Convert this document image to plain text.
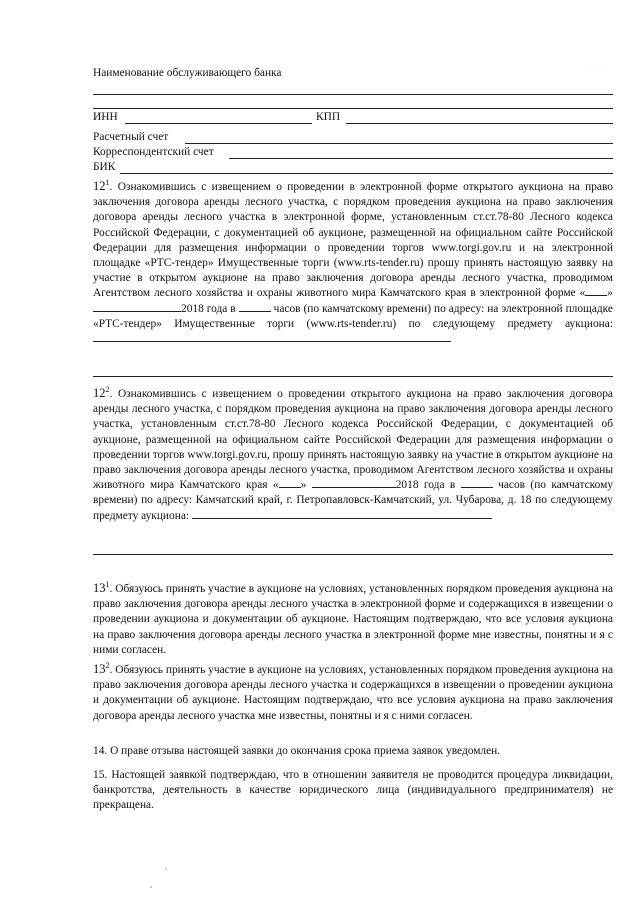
Наименование обслуживающего банка	· · ·
ИНН	КПП
Расчетный счет
Корреспондентский счет
БИК
$12^1$. Ознакомившись с извещением о проведении в электронной форме открытого аукциона на право заключения договора аренды лесного участка, с порядком проведения аукциона на право заключения договора аренды лесного участка в электронной форме, установленным ст.ст.78-80 Лесного кодекса Российской Федерации, с документацией об аукционе, размещенной на официальном сайте Российской Федерации для размещения информации о проведении торгов www.torgi.gov.ru и на электронной площадке «РТС-тендер» Имущественные торги (www.rts-tender.ru) прошу принять настоящую заявку на участие в открытом аукционе на право заключения договора аренды лесного участка, проводимом Агентством лесного хозяйства и охраны животного мира Камчатского края в электронной форме « » 2018 года в	часов (по камчатскому времени) по адресу: на электронной площадке «РТС-тендер» Имущественные торги (www.rts-tender.ru) по следующему предмету аукциона:
$12^2$. Ознакомившись с извещением о проведении открытого аукциона на право заключения договора аренды лесного участка, с порядком проведения аукциона на право заключения договора аренды лесного участка, установленным ст.ст.78-80 Лесного кодекса Российской Федерации, с документацией об аукционе, размещенной на официальном сайте Российской Федерации для размещения информации о проведении торгов www.torgi.gov.ru, прошу принять настоящую заявку на участие в открытом аукционе на право заключения договора аренды лесного участка, проводимом Агентством лесного хозяйства и охраны животного мира Камчатского края « »	2018 года в	часов (по камчатскому времени) по адресу: Камчатский край, г. Петропавловск-Камчатский, ул. Чубарова, д. 18 по следующему предмету аукциона:
$13^1$. Обязуюсь принять участие в аукционе на условиях, установленных порядком проведения аукциона на право заключения договора аренды лесного участка в электронной форме и содержащихся в извещении о проведении аукциона и документации об аукционе. Настоящим подтверждаю, что все условия аукциона на право заключения договора аренды лесного участка в электронной форме мне известны, понятны и я с ними согласен.
$13^2$. Обязуюсь принять участие в аукционе на условиях, установленных порядком проведения аукциона на право заключения договора аренды лесного участка и содержащихся в извещении о проведении аукциона и документации об аукционе. Настоящим подтверждаю, что все условия аукциона на право заключения договора аренды лесного участка мне известны, понятны и я с ними согласен.
14. О праве отзыва настоящей заявки до окончания срока приема заявок уведомлен.
15. Настоящей заявкой подтверждаю, что в отношении заявителя не проводится процедура ликвидации, банкротства, деятельность в качестве юридического лица (индивидуального предпринимателя) не прекращена.
